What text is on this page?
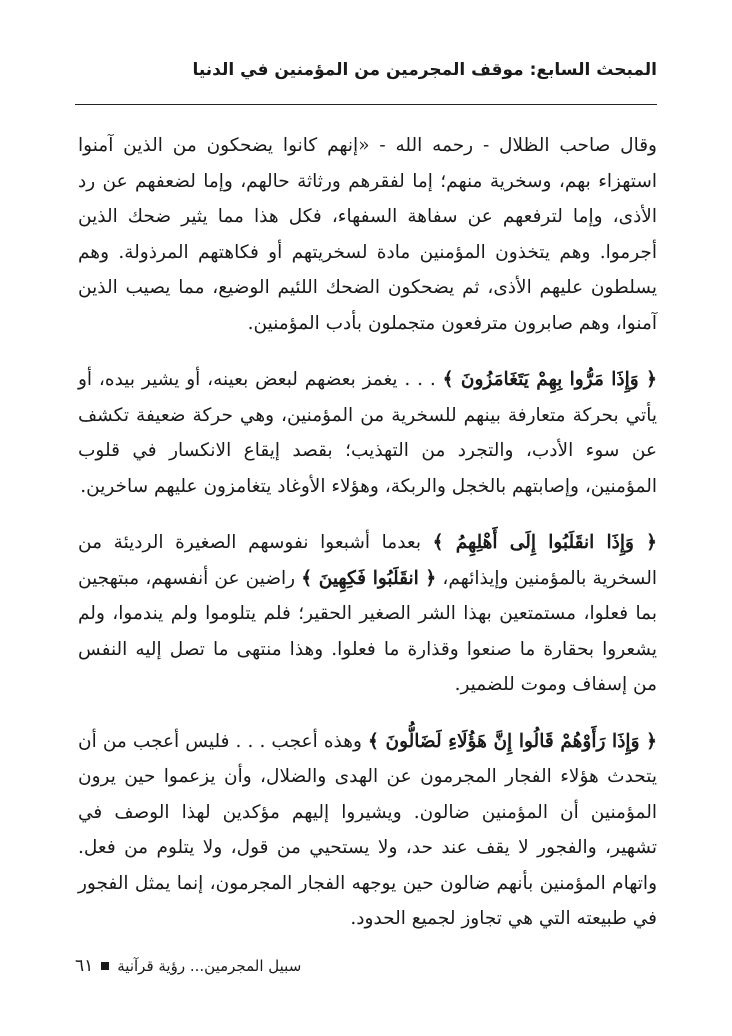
المبحث السابع: موقف المجرمين من المؤمنين في الدنيا

وقال صاحب الظلال - رحمه الله - «إنهم كانوا يضحكون من الذين آمنوا استهزاء بهم، وسخرية منهم؛ إما لفقرهم ورثاثة حالهم، وإما لضعفهم عن رد الأذى، وإما لترفعهم عن سفاهة السفهاء، فكل هذا مما يثير ضحك الذين أجرموا. وهم يتخذون المؤمنين مادة لسخريتهم أو فكاهتهم المرذولة. وهم يسلطون عليهم الأذى، ثم يضحكون الضحك اللئيم الوضيع، مما يصيب الذين آمنوا، وهم صابرون مترفعون متجملون بأدب المؤمنين.

﴿ وَإِذَا مَرُّوا بِهِمْ يَتَغَامَزُونَ ﴾ . . . يغمز بعضهم لبعض بعينه، أو يشير بيده، أو يأتي بحركة متعارفة بينهم للسخرية من المؤمنين، وهي حركة ضعيفة تكشف عن سوء الأدب، والتجرد من التهذيب؛ بقصد إيقاع الانكسار في قلوب المؤمنين، وإصابتهم بالخجل والربكة، وهؤلاء الأوغاد يتغامزون عليهم ساخرين.

﴿ وَإِذَا انقَلَبُوا إِلَى أَهْلِهِمُ ﴾ بعدما أشبعوا نفوسهم الصغيرة الرديئة من السخرية بالمؤمنين وإيذائهم، ﴿ انقَلَبُوا فَكِهِينَ ﴾ راضين عن أنفسهم، مبتهجين بما فعلوا، مستمتعين بهذا الشر الصغير الحقير؛ فلم يتلوموا ولم يندموا، ولم يشعروا بحقارة ما صنعوا وقذارة ما فعلوا. وهذا منتهى ما تصل إليه النفس من إسفاف وموت للضمير.

﴿ وَإِذَا رَأَوْهُمْ قَالُوا إِنَّ هَؤُلَاءِ لَضَالُّونَ ﴾ وهذه أعجب . . . فليس أعجب من أن يتحدث هؤلاء الفجار المجرمون عن الهدى والضلال، وأن يزعموا حين يرون المؤمنين أن المؤمنين ضالون. ويشيروا إليهم مؤكدين لهذا الوصف في تشهير، والفجور لا يقف عند حد، ولا يستحيي من قول، ولا يتلوم من فعل. واتهام المؤمنين بأنهم ضالون حين يوجهه الفجار المجرمون، إنما يمثل الفجور في طبيعته التي هي تجاوز لجميع الحدود.

سبيل المجرمين... رؤية قرآنية
٦١
